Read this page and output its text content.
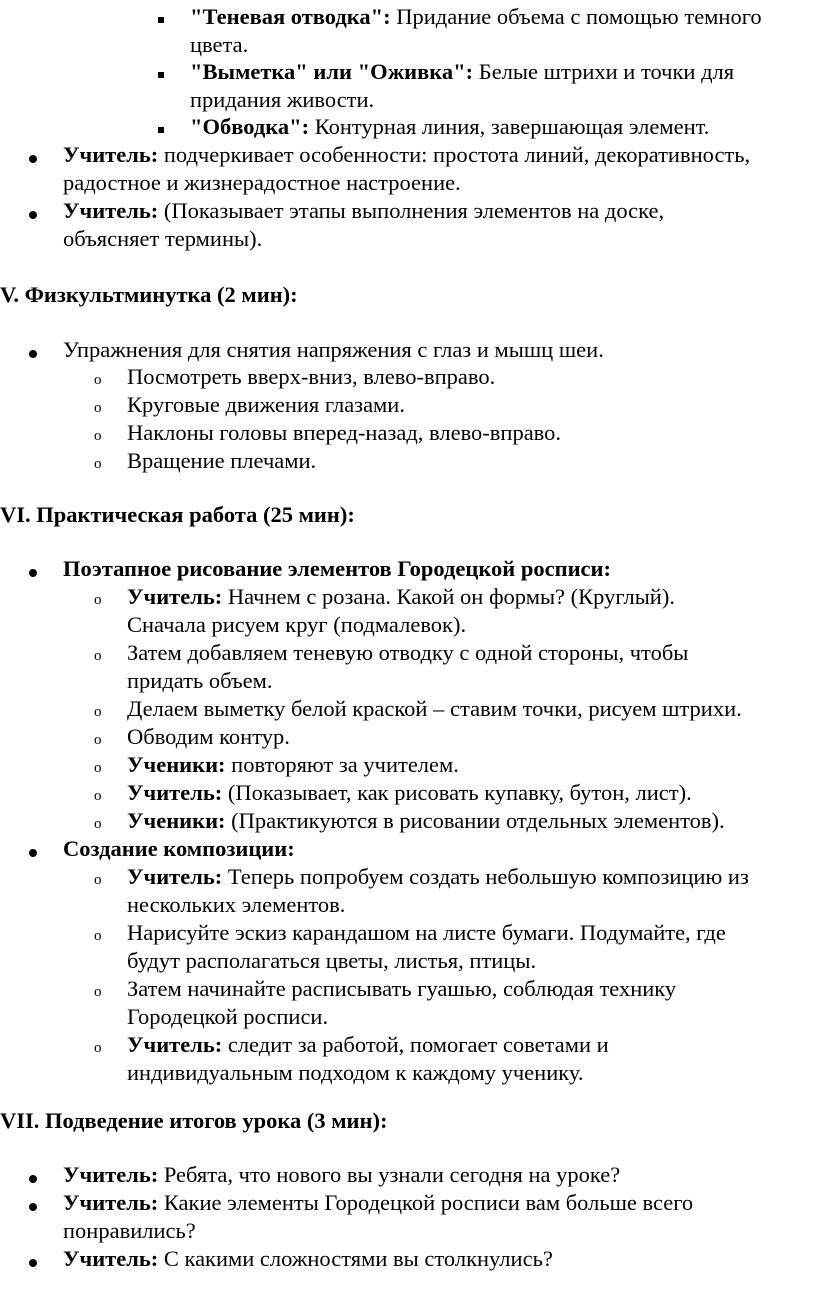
"Теневая отводка": Придание объема с помощью темного
цвета.
"Выметка" или "Оживка": Белые штрихи и точки для
придания живости.
"Обводка": Контурная линия, завершающая элемент.
Учитель: подчеркивает особенности: простота линий, декоративность,
радостное и жизнерадостное настроение.
Учитель: (Показывает этапы выполнения элементов на доске,
объясняет термины).
V. Физкультминутка (2 мин):
Упражнения для снятия напряжения с глаз и мышц шеи.
o Посмотреть вверх-вниз, влево-вправо.
o Круговые движения глазами.
o Наклоны головы вперед-назад, влево-вправо.
o Вращение плечами.
VI. Практическая работа (25 мин):
Поэтапное рисование элементов Городецкой росписи:
o Учитель: Начнем с розана. Какой он формы? (Круглый).
Сначала рисуем круг (подмалевок).
o Затем добавляем теневую отводку с одной стороны, чтобы
придать объем.
o Делаем выметку белой краской – ставим точки, рисуем штрихи.
o Обводим контур.
o Ученики: повторяют за учителем.
o Учитель: (Показывает, как рисовать купавку, бутон, лист).
o Ученики: (Практикуются в рисовании отдельных элементов).
Создание композиции:
o Учитель: Теперь попробуем создать небольшую композицию из
нескольких элементов.
o Нарисуйте эскиз карандашом на листе бумаги. Подумайте, где
будут располагаться цветы, листья, птицы.
o Затем начинайте расписывать гуашью, соблюдая технику
Городецкой росписи.
o Учитель: следит за работой, помогает советами и
индивидуальным подходом к каждому ученику.
VII. Подведение итогов урока (3 мин):
Учитель: Ребята, что нового вы узнали сегодня на уроке?
Учитель: Какие элементы Городецкой росписи вам больше всего
понравились?
Учитель: С какими сложностями вы столкнулись?
